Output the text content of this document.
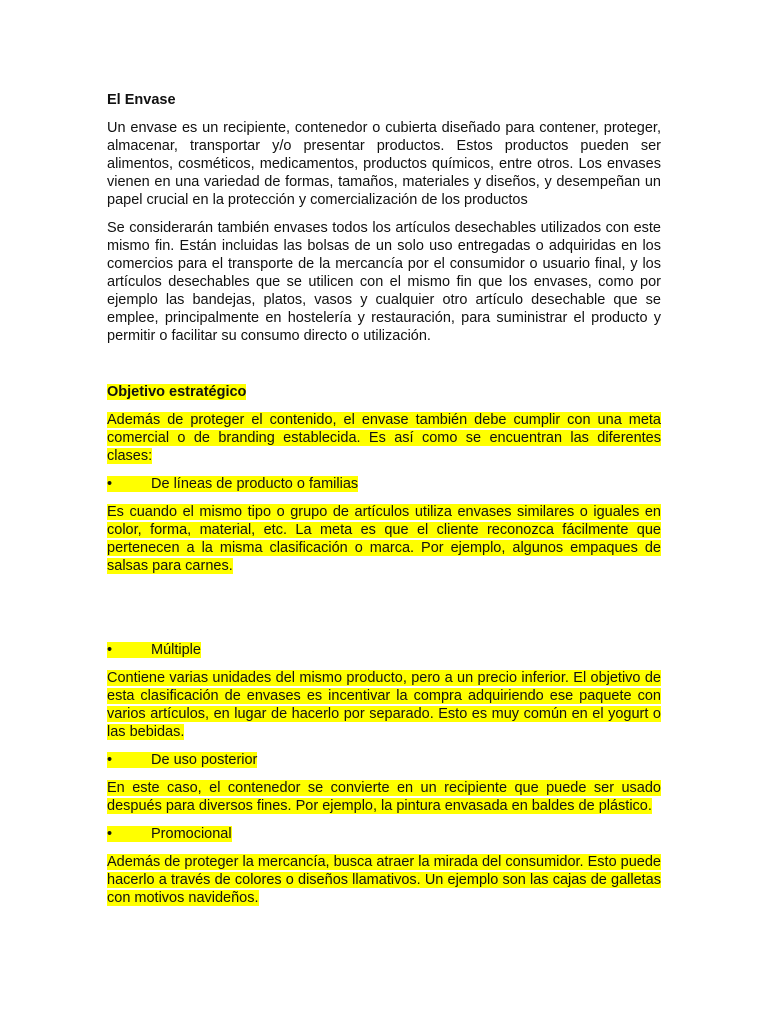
El Envase

Un envase es un recipiente, contenedor o cubierta diseñado para contener, proteger, almacenar, transportar y/o presentar productos. Estos productos pueden ser alimentos, cosméticos, medicamentos, productos químicos, entre otros. Los envases vienen en una variedad de formas, tamaños, materiales y diseños, y desempeñan un papel crucial en la protección y comercialización de los productos

Se considerarán también envases todos los artículos desechables utilizados con este mismo fin. Están incluidas las bolsas de un solo uso entregadas o adquiridas en los comercios para el transporte de la mercancía por el consumidor o usuario final, y los artículos desechables que se utilicen con el mismo fin que los envases, como por ejemplo las bandejas, platos, vasos y cualquier otro artículo desechable que se emplee, principalmente en hostelería y restauración, para suministrar el producto y permitir o facilitar su consumo directo o utilización.

Objetivo estratégico

Además de proteger el contenido, el envase también debe cumplir con una meta comercial o de branding establecida. Es así como se encuentran las diferentes clases:

•	De líneas de producto o familias

Es cuando el mismo tipo o grupo de artículos utiliza envases similares o iguales en color, forma, material, etc. La meta es que el cliente reconozca fácilmente que pertenecen a la misma clasificación o marca. Por ejemplo, algunos empaques de salsas para carnes.

•	Múltiple

Contiene varias unidades del mismo producto, pero a un precio inferior. El objetivo de esta clasificación de envases es incentivar la compra adquiriendo ese paquete con varios artículos, en lugar de hacerlo por separado. Esto es muy común en el yogurt o las bebidas.

•	De uso posterior

En este caso, el contenedor se convierte en un recipiente que puede ser usado después para diversos fines. Por ejemplo, la pintura envasada en baldes de plástico.

•	Promocional

Además de proteger la mercancía, busca atraer la mirada del consumidor. Esto puede hacerlo a través de colores o diseños llamativos. Un ejemplo son las cajas de galletas con motivos navideños.
